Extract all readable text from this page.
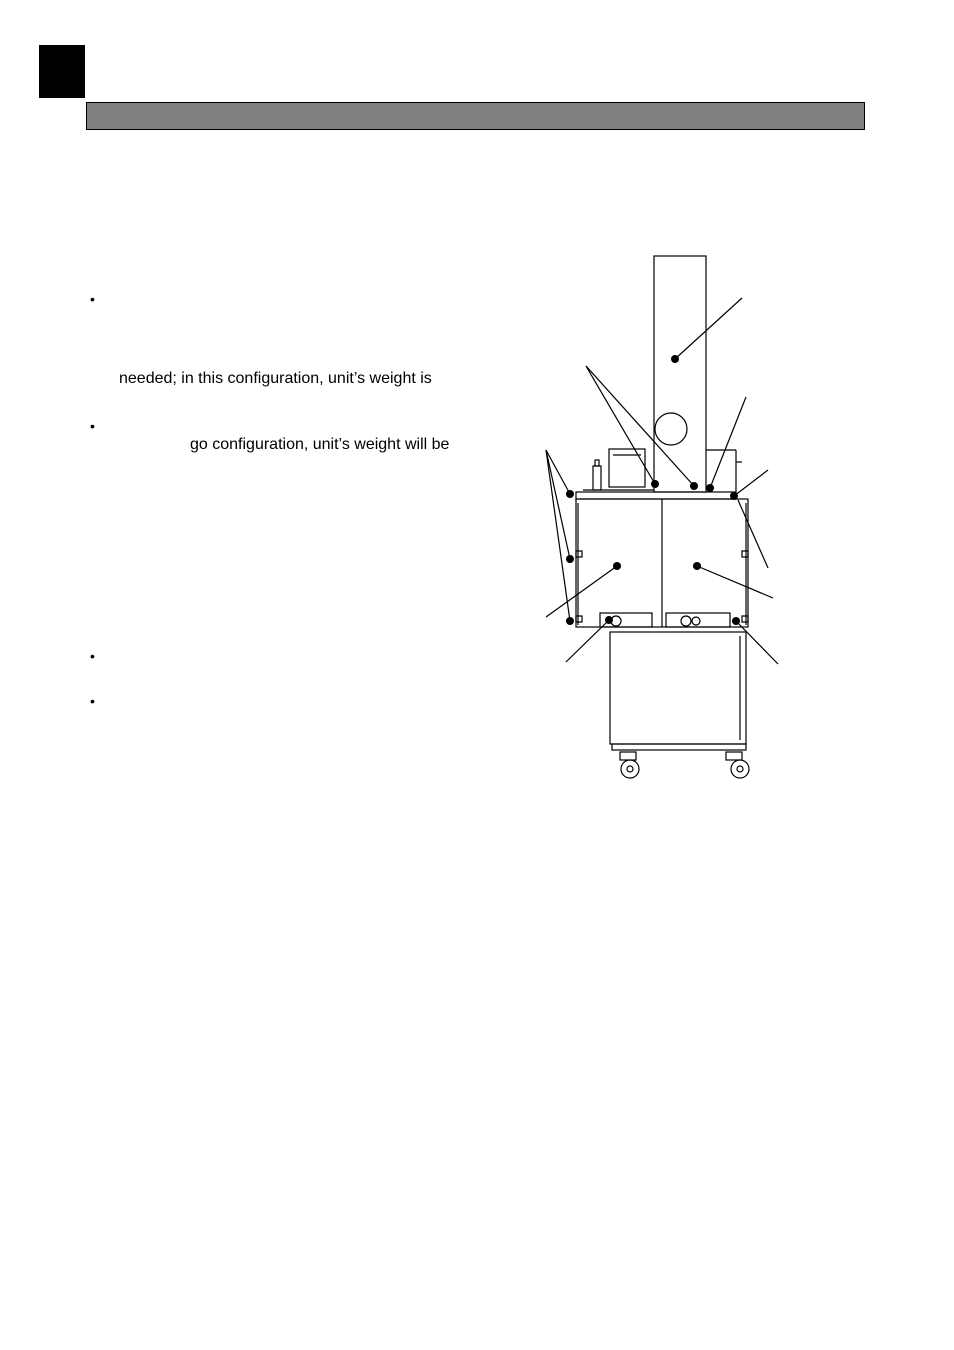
•
needed; in this configuration, unit’s weight is
•
go configuration, unit’s weight will be
•
•
